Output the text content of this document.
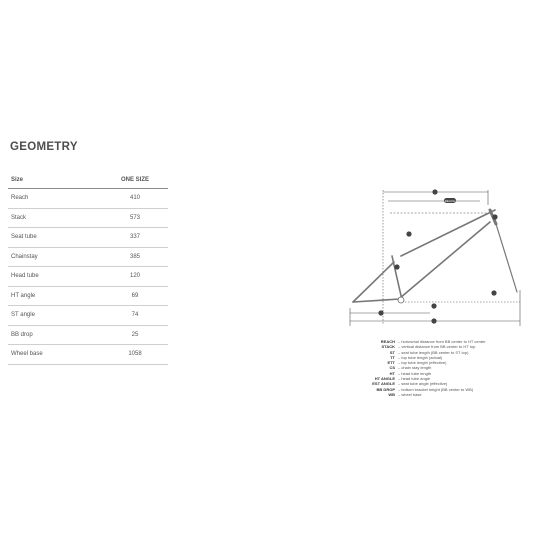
GEOMETRY
Size	ONE SIZE
Reach	410
Stack	573
Seat tube	337
Chainstay	385
Head tube	120
HT angle	69
ST angle	74
BB drop	25
Wheel base	1058
REACH
REACH – horizontal distance from BB center to HT center
STACK – vertical distance from BB center to HT top
ST – seat tube length (BB center to ST top)
TT – top tube length (actual)
ETT – top tube length (effective)
CS – chain stay length
HT – head tube length
HT ANGLE – head tube angle
EST ANGLE – seat tube angle (effective)
BB DROP – bottom bracket height (BB center to WB)
WB – wheel base
